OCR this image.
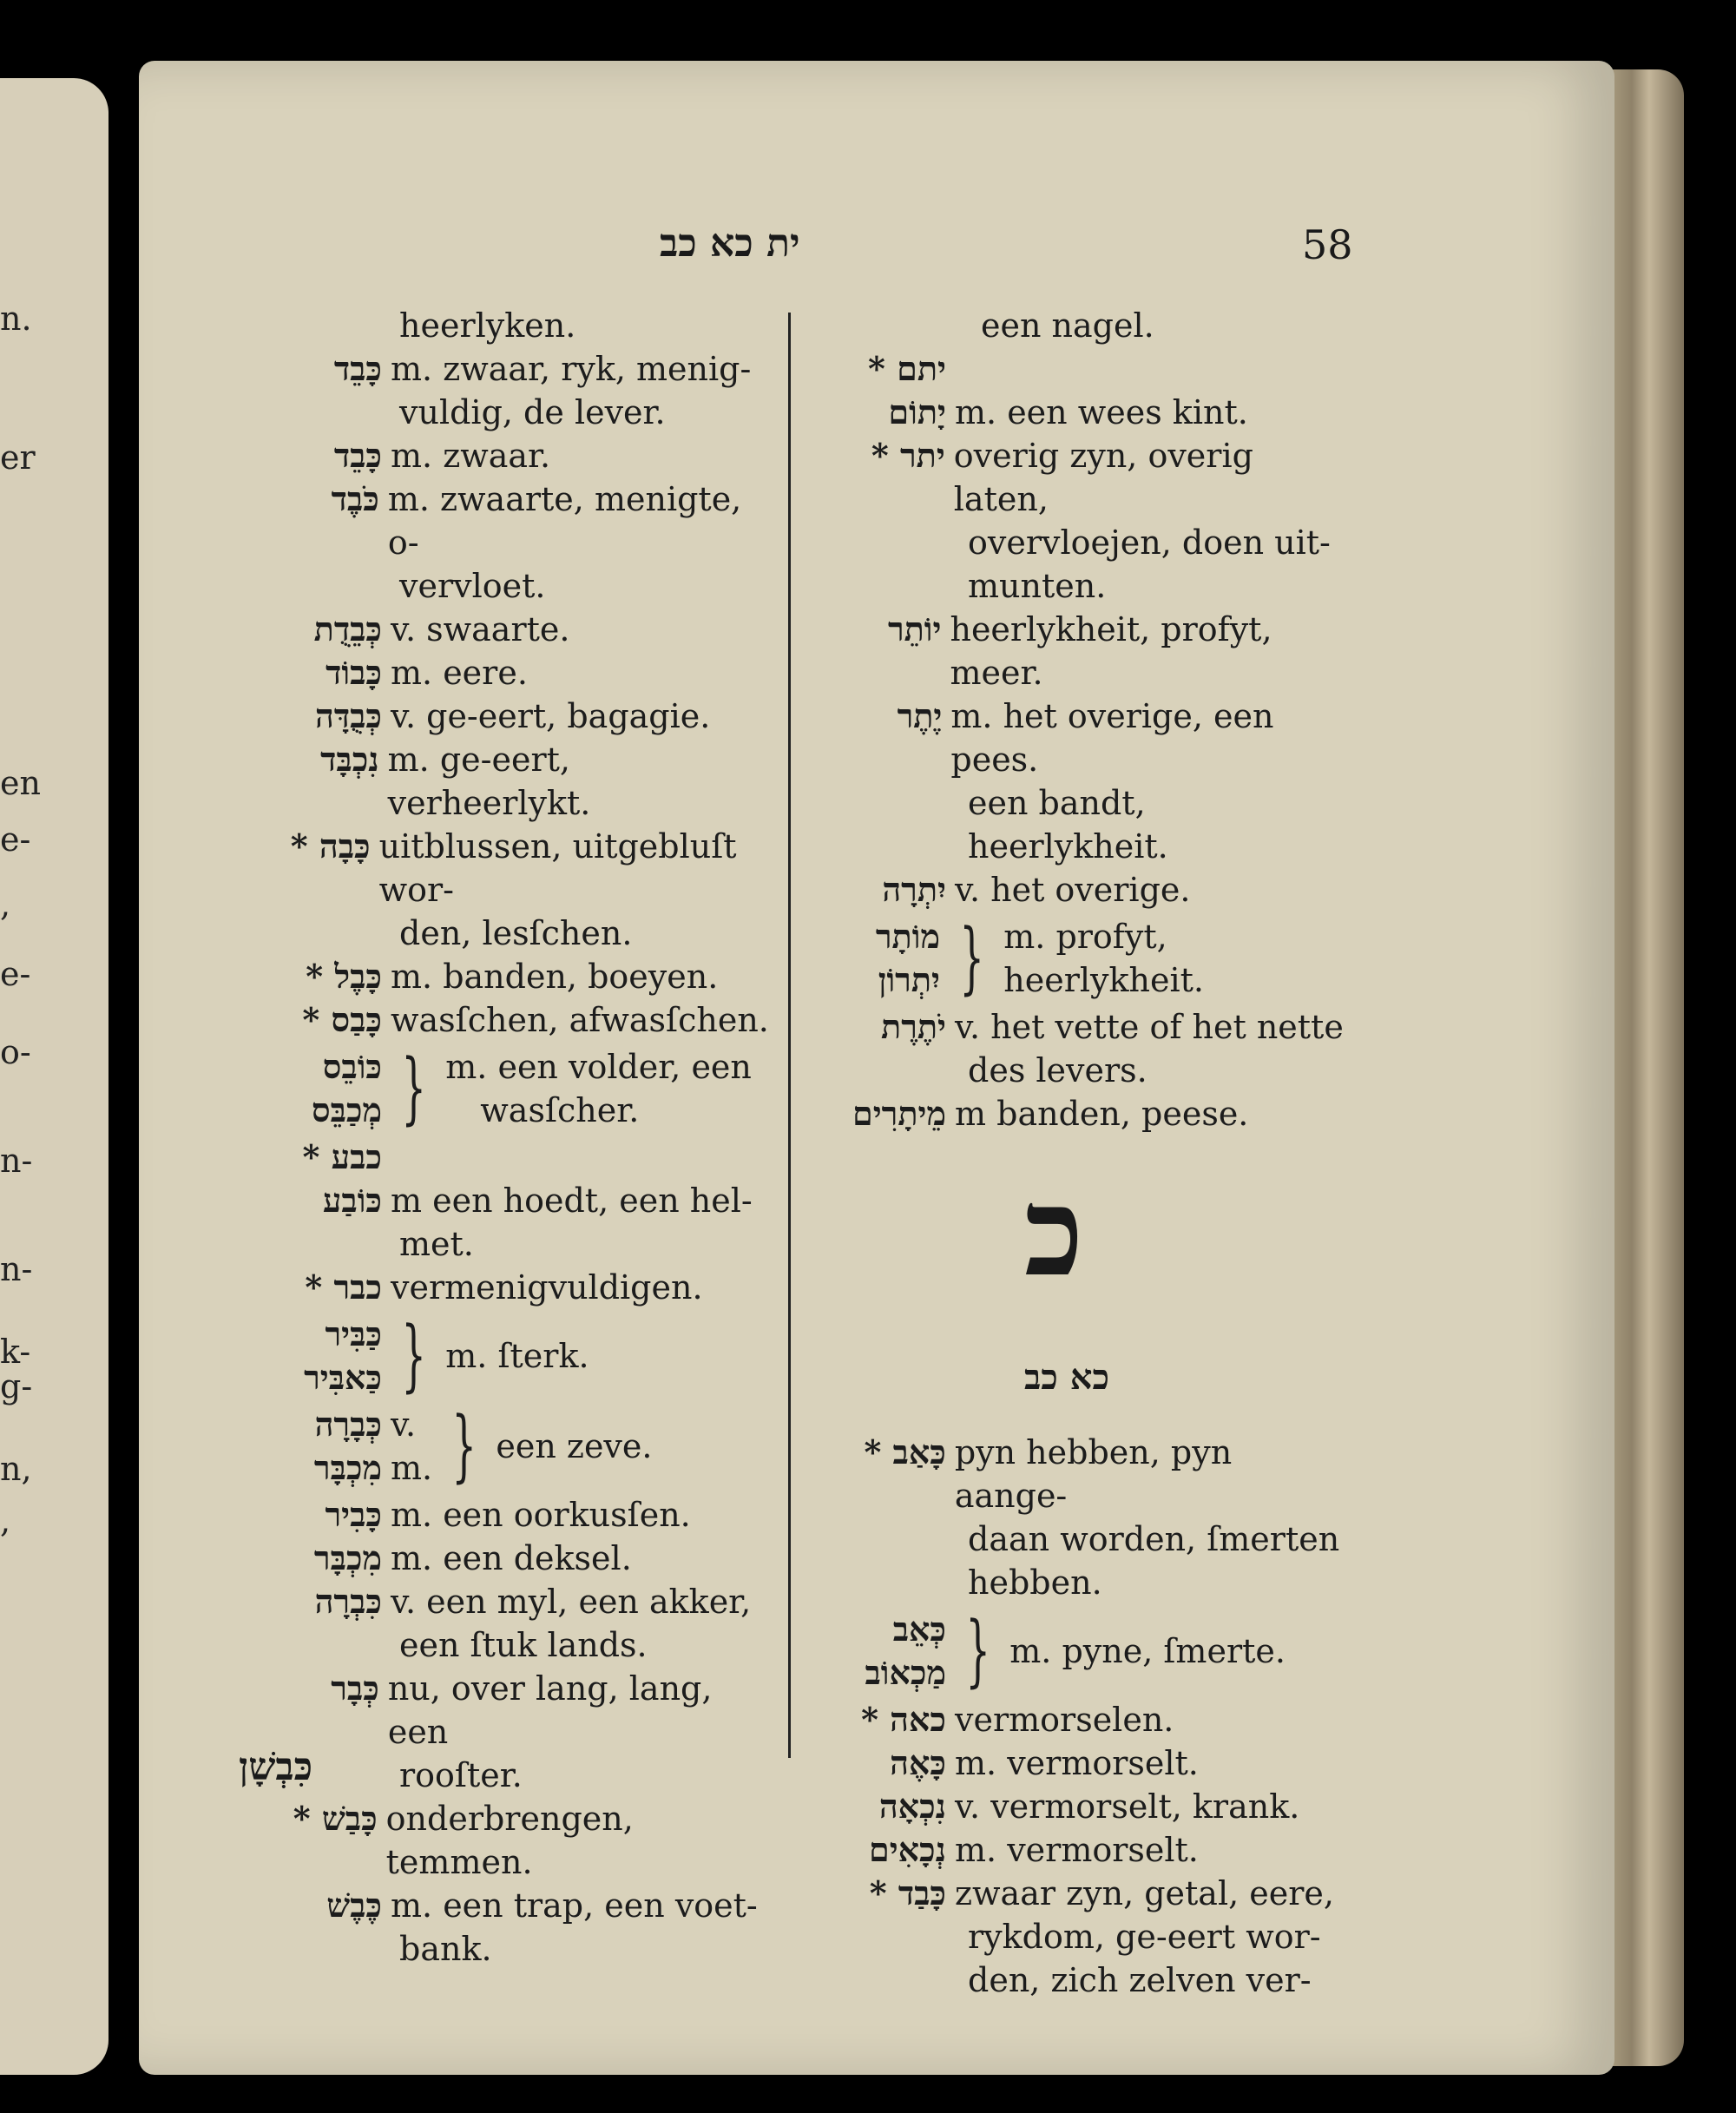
n.
er
en
e-
,
e-
o-
n-
n-
k-
g-
n,
,
ית כא כב	58
heerlyken.
כָּבֵד m. zwaar, ryk, menig-
vuldig, de lever.
כָּבֵד m. zwaar.
כֹּבֶד m. zwaarte, menigte, o-
vervloet.
כְּבֵדֻת v. swaarte.
כָּבוֹד m. eere.
כְּבֻדָּה v. ge-eert, bagagie.
נִכְבָּד m. ge-eert, verheerlykt.
כָּבָה * uitblussen, uitgebluſt wor-
den, lesſchen.
כָּבֶל * m. banden, boeyen.
כָּבַס * wasſchen, afwasſchen.
כּוֹבֵס
מְכַבֵּס } m. een volder, een
wasſcher.
כבע *
כּוֹבַע m een hoedt, een hel-
met.
כבר * vermenigvuldigen.
כַּבִּיר
כַּאבִּיר } m. ſterk.
כְּבָרָה
מִכְבָּר
v.
m. } een zeve.
כָּבִיר m. een oorkusſen.
מִכְבָּר m. een deksel.
כִּבְרָה v. een myl, een akker,
een ſtuk lands.
כְּבָר nu, over lang, lang, een
rooſter.
כָּבַשׁ * onderbrengen, temmen.
כֶּבֶשׁ m. een trap, een voet-
bank.
een nagel.
יתם *
יָתוֹם m. een wees kint.
יתר * overig zyn, overig laten,
overvloejen, doen uit-
munten.
יוֹתֵר heerlykheit, profyt, meer.
יֶתֶר m. het overige, een pees.
een bandt, heerlykheit.
יִתְרָה v. het overige.
מוֹתָר
יִתְרוֹן } m. profyt, heerlykheit.
יֹתֶרֶת v. het vette of het nette
des levers.
מֵיתָרִים m banden, peese.
כ
כא כב
כָּאַב * pyn hebben, pyn aange-
daan worden, ſmerten
hebben.
כְּאֵב
מַכְאוֹב } m. pyne, ſmerte.
כאה * vermorselen.
כָּאֶה m. vermorselt.
נִכְאָה v. vermorselt, krank.
נְכָאִים m. vermorselt.
כָּבַד * zwaar zyn, getal, eere,
rykdom, ge-eert wor-
den, zich zelven ver-
כִּבְשָׁן
